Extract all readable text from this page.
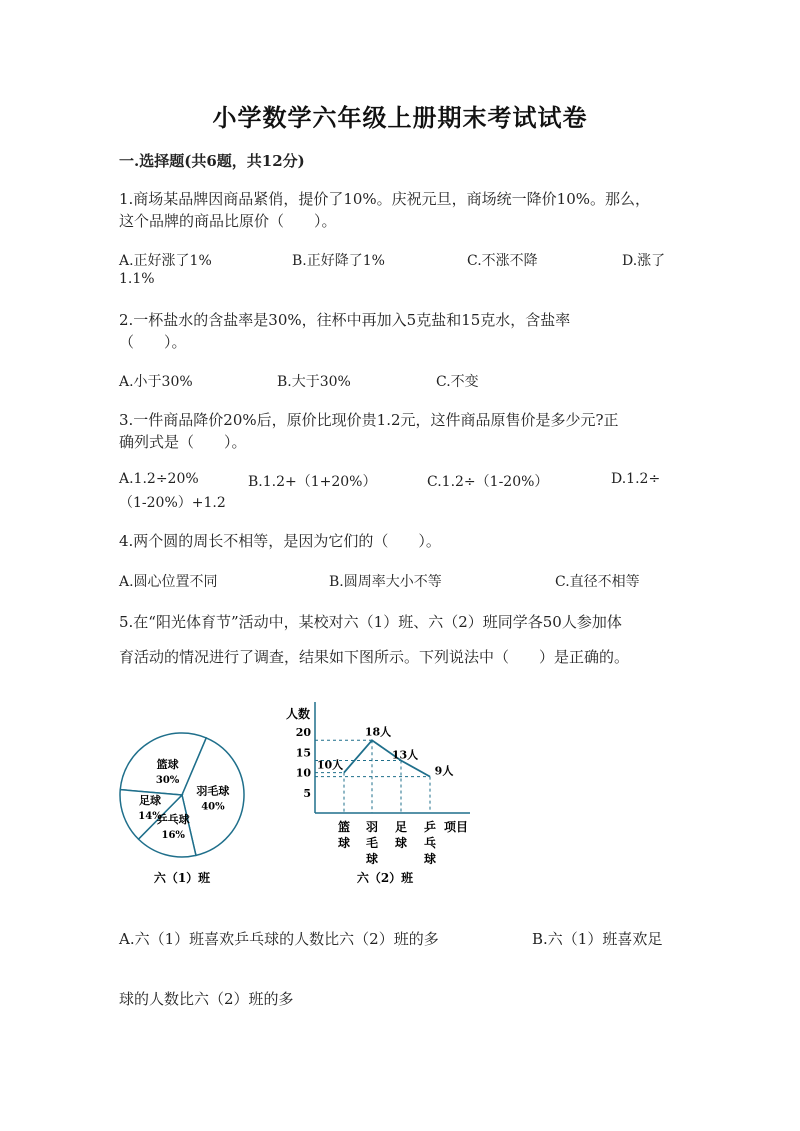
小学数学六年级上册期末考试试卷
一.选择题(共6题，共12分)
1.商场某品牌因商品紧俏，提价了10%。庆祝元旦，商场统一降价10%。那么，
这个品牌的商品比原价（　　）。
A.正好涨了1%	B.正好降了1%	C.不涨不降	D.涨了
1.1%
2.一杯盐水的含盐率是30%，往杯中再加入5克盐和15克水，含盐率
（　　）。
A.小于30%	B.大于30%	C.不变
3.一件商品降价20%后，原价比现价贵1.2元，这件商品原售价是多少元?正
确列式是（　　）。
A.1.2÷20%	B.1.2+（1+20%）	C.1.2÷（1-20%）	D.1.2÷
（1-20%）+1.2
4.两个圆的周长不相等，是因为它们的（　　）。
A.圆心位置不同	B.圆周率大小不等	C.直径不相等
5.在“阳光体育节”活动中，某校对六（1）班、六（2）班同学各50人参加体
育活动的情况进行了调查，结果如下图所示。下列说法中（　　）是正确的。
篮球
30%
羽毛球
40%
乒乓球
16%
足球
14%
六（1）班
5
10
15
20
10人
18人
13人
9人
篮球
羽毛球
足球
乒乓球
人数
项目
六（2）班
A.六（1）班喜欢乒乓球的人数比六（2）班的多	B.六（1）班喜欢足
球的人数比六（2）班的多
